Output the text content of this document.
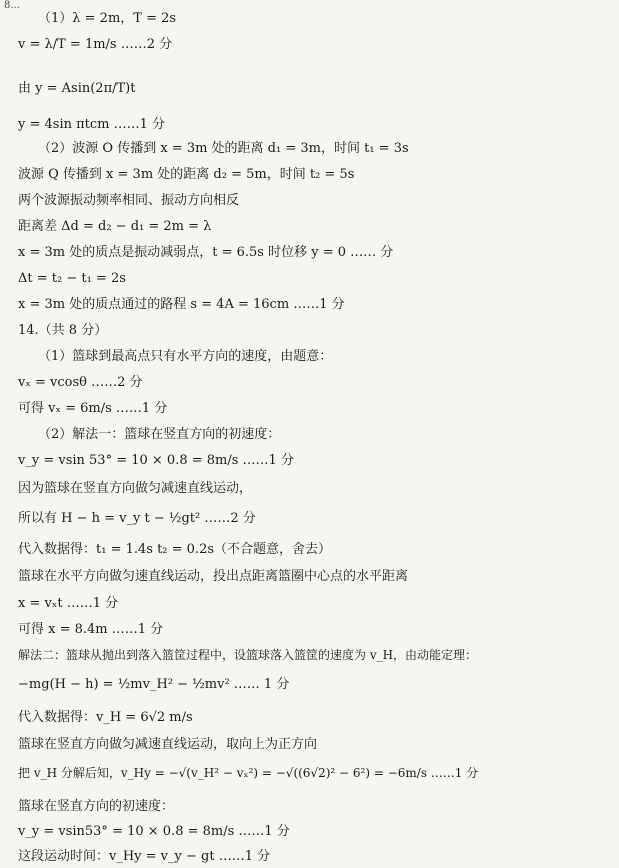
8...
（1）λ = 2m，T = 2s
v = λ/T = 1m/s ……2 分
由 y = Asin(2π/T)t
y = 4sin πtcm ……1 分
（2）波源 O 传播到 x = 3m 处的距离 d₁ = 3m，时间 t₁ = 3s
波源 Q 传播到 x = 3m 处的距离 d₂ = 5m，时间 t₂ = 5s
两个波源振动频率相同、振动方向相反
距离差 Δd = d₂ − d₁ = 2m = λ
x = 3m 处的质点是振动减弱点，t = 6.5s 时位移 y = 0 …… 分
Δt = t₂ − t₁ = 2s
x = 3m 处的质点通过的路程 s = 4A = 16cm ……1 分
14.（共 8 分）
（1）篮球到最高点只有水平方向的速度，由题意：
vₓ = vcosθ ……2 分
可得 vₓ = 6m/s ……1 分
（2）解法一：篮球在竖直方向的初速度：
v_y = vsin 53° = 10 × 0.8 = 8m/s ……1 分
因为篮球在竖直方向做匀减速直线运动，
所以有 H − h = v_y t − ½gt² ……2 分
代入数据得：t₁ = 1.4s t₂ = 0.2s（不合题意，舍去）
篮球在水平方向做匀速直线运动，投出点距离篮圈中心点的水平距离
x = vₓt ……1 分
可得 x = 8.4m ……1 分
解法二：篮球从抛出到落入篮筐过程中，设篮球落入篮筐的速度为 v_H，由动能定理：
−mg(H − h) = ½mv_H² − ½mv² …… 1 分
代入数据得：v_H = 6√2 m/s
篮球在竖直方向做匀减速直线运动，取向上为正方向
把 v_H 分解后知，v_Hy = −√(v_H² − vₓ²) = −√((6√2)² − 6²) = −6m/s ……1 分
篮球在竖直方向的初速度：
v_y = vsin53° = 10 × 0.8 = 8m/s ……1 分
这段运动时间：v_Hy = v_y − gt ……1 分
